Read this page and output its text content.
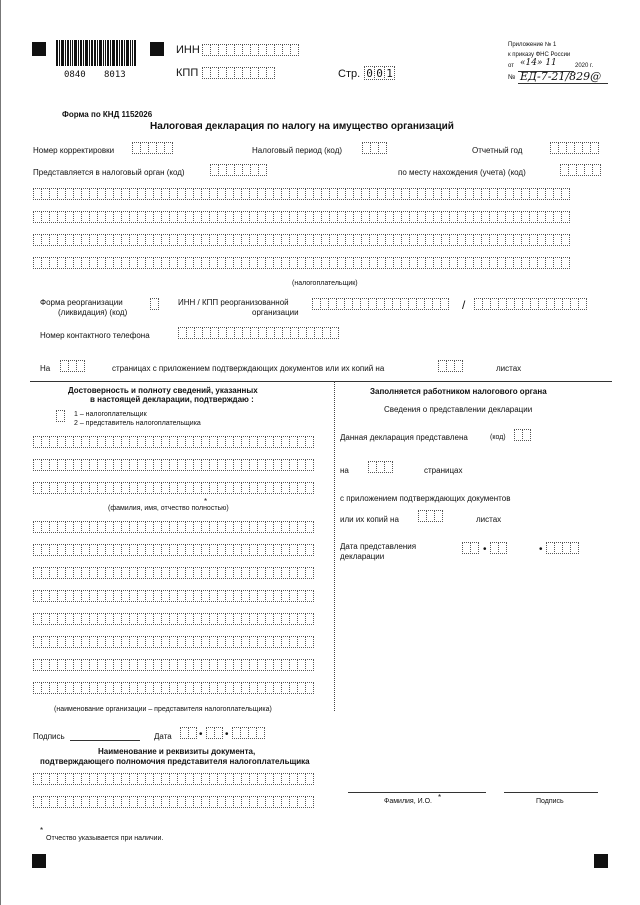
0840 8013
ИНН
КПП	Стр. 0 0 1
Приложение № 1
к приказу ФНС России
от «14» 11	2020 г.
№ ЕД-7-21/829@
Форма по КНД 1152026
Налоговая декларация по налогу на имущество организаций
Номер корректировки	Налоговый период (код)	Отчетный год
Представляется в налоговый орган (код)	по месту нахождения (учета) (код)
(налогоплательщик)
Форма реорганизации
(ликвидация) (код)
ИНН / КПП реорганизованной
организации
/
Номер контактного телефона
На	страницах с приложением подтверждающих документов или их копий на	листах
Достоверность и полноту сведений, указанных
в настоящей декларации, подтверждаю :
1 – налогоплательщик
2 – представитель налогоплательщика
(фамилия, имя, отчество полностью)
*
(наименование организации – представителя налогоплательщика)
Подпись	Дата	• •
Наименование и реквизиты документа,
подтверждающего полномочия представителя налогоплательщика
Заполняется работником налогового органа
Сведения о представлении декларации
Данная декларация представлена	(код)
на	страницах
с приложением подтверждающих документов
или их копий на	листах
Дата представления
декларации
•	•
Фамилия, И.О. *	Подпись
*
Отчество указывается при наличии.
